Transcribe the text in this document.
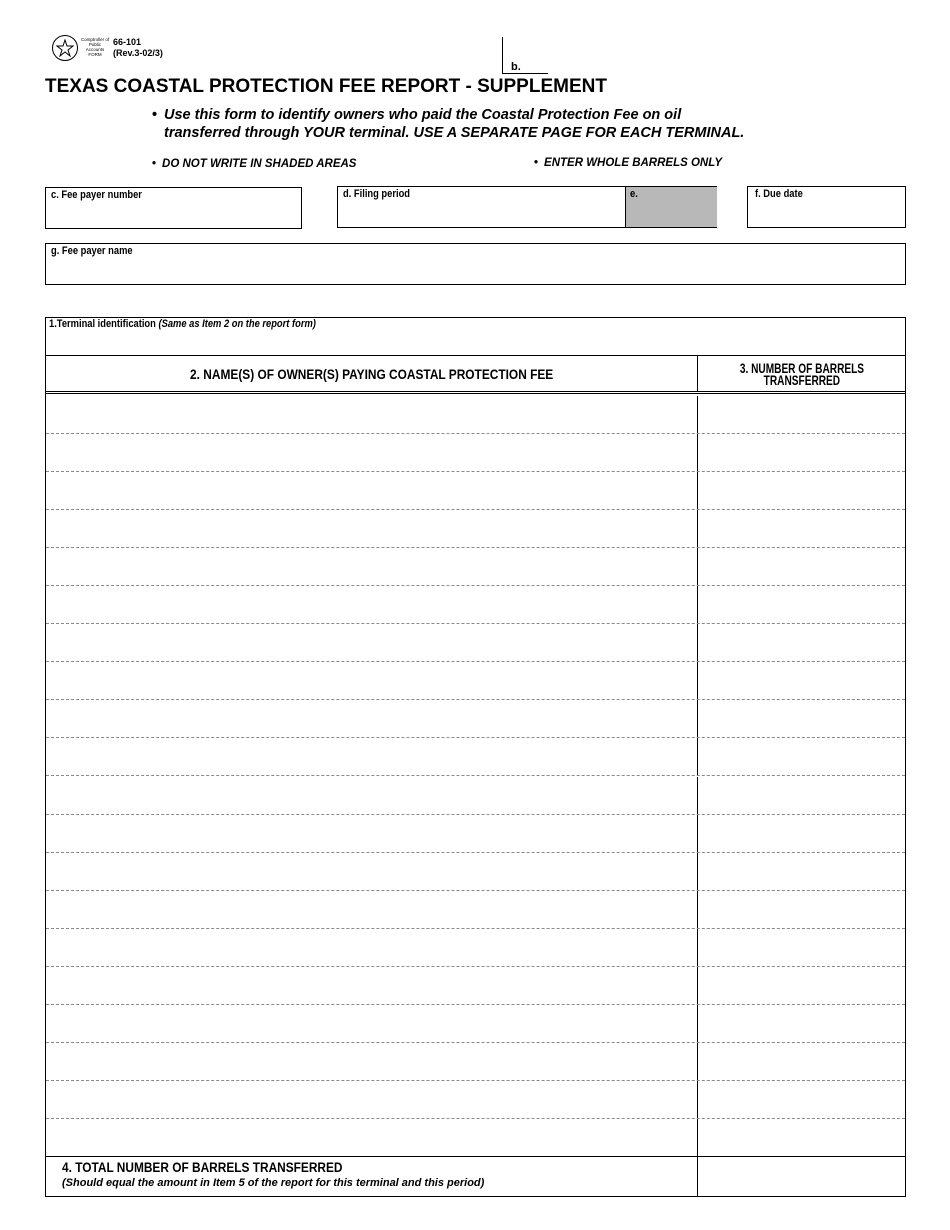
Comptroller of Public Accounts FORM
66-101
(Rev.3-02/3)
b.
TEXAS COASTAL PROTECTION FEE REPORT - SUPPLEMENT
• Use this form to identify owners who paid the Coastal Protection Fee on oil
transferred through YOUR terminal. USE A SEPARATE PAGE FOR EACH TERMINAL.
• DO NOT WRITE IN SHADED AREAS	• ENTER WHOLE BARRELS ONLY
c. Fee payer number	d. Filing period	e.	f. Due date
g. Fee payer name
1.Terminal identification (Same as Item 2 on the report form)
2. NAME(S) OF OWNER(S) PAYING COASTAL PROTECTION FEE	3. NUMBER OF BARRELS
TRANSFERRED
4. TOTAL NUMBER OF BARRELS TRANSFERRED
(Should equal the amount in Item 5 of the report for this terminal and this period)
